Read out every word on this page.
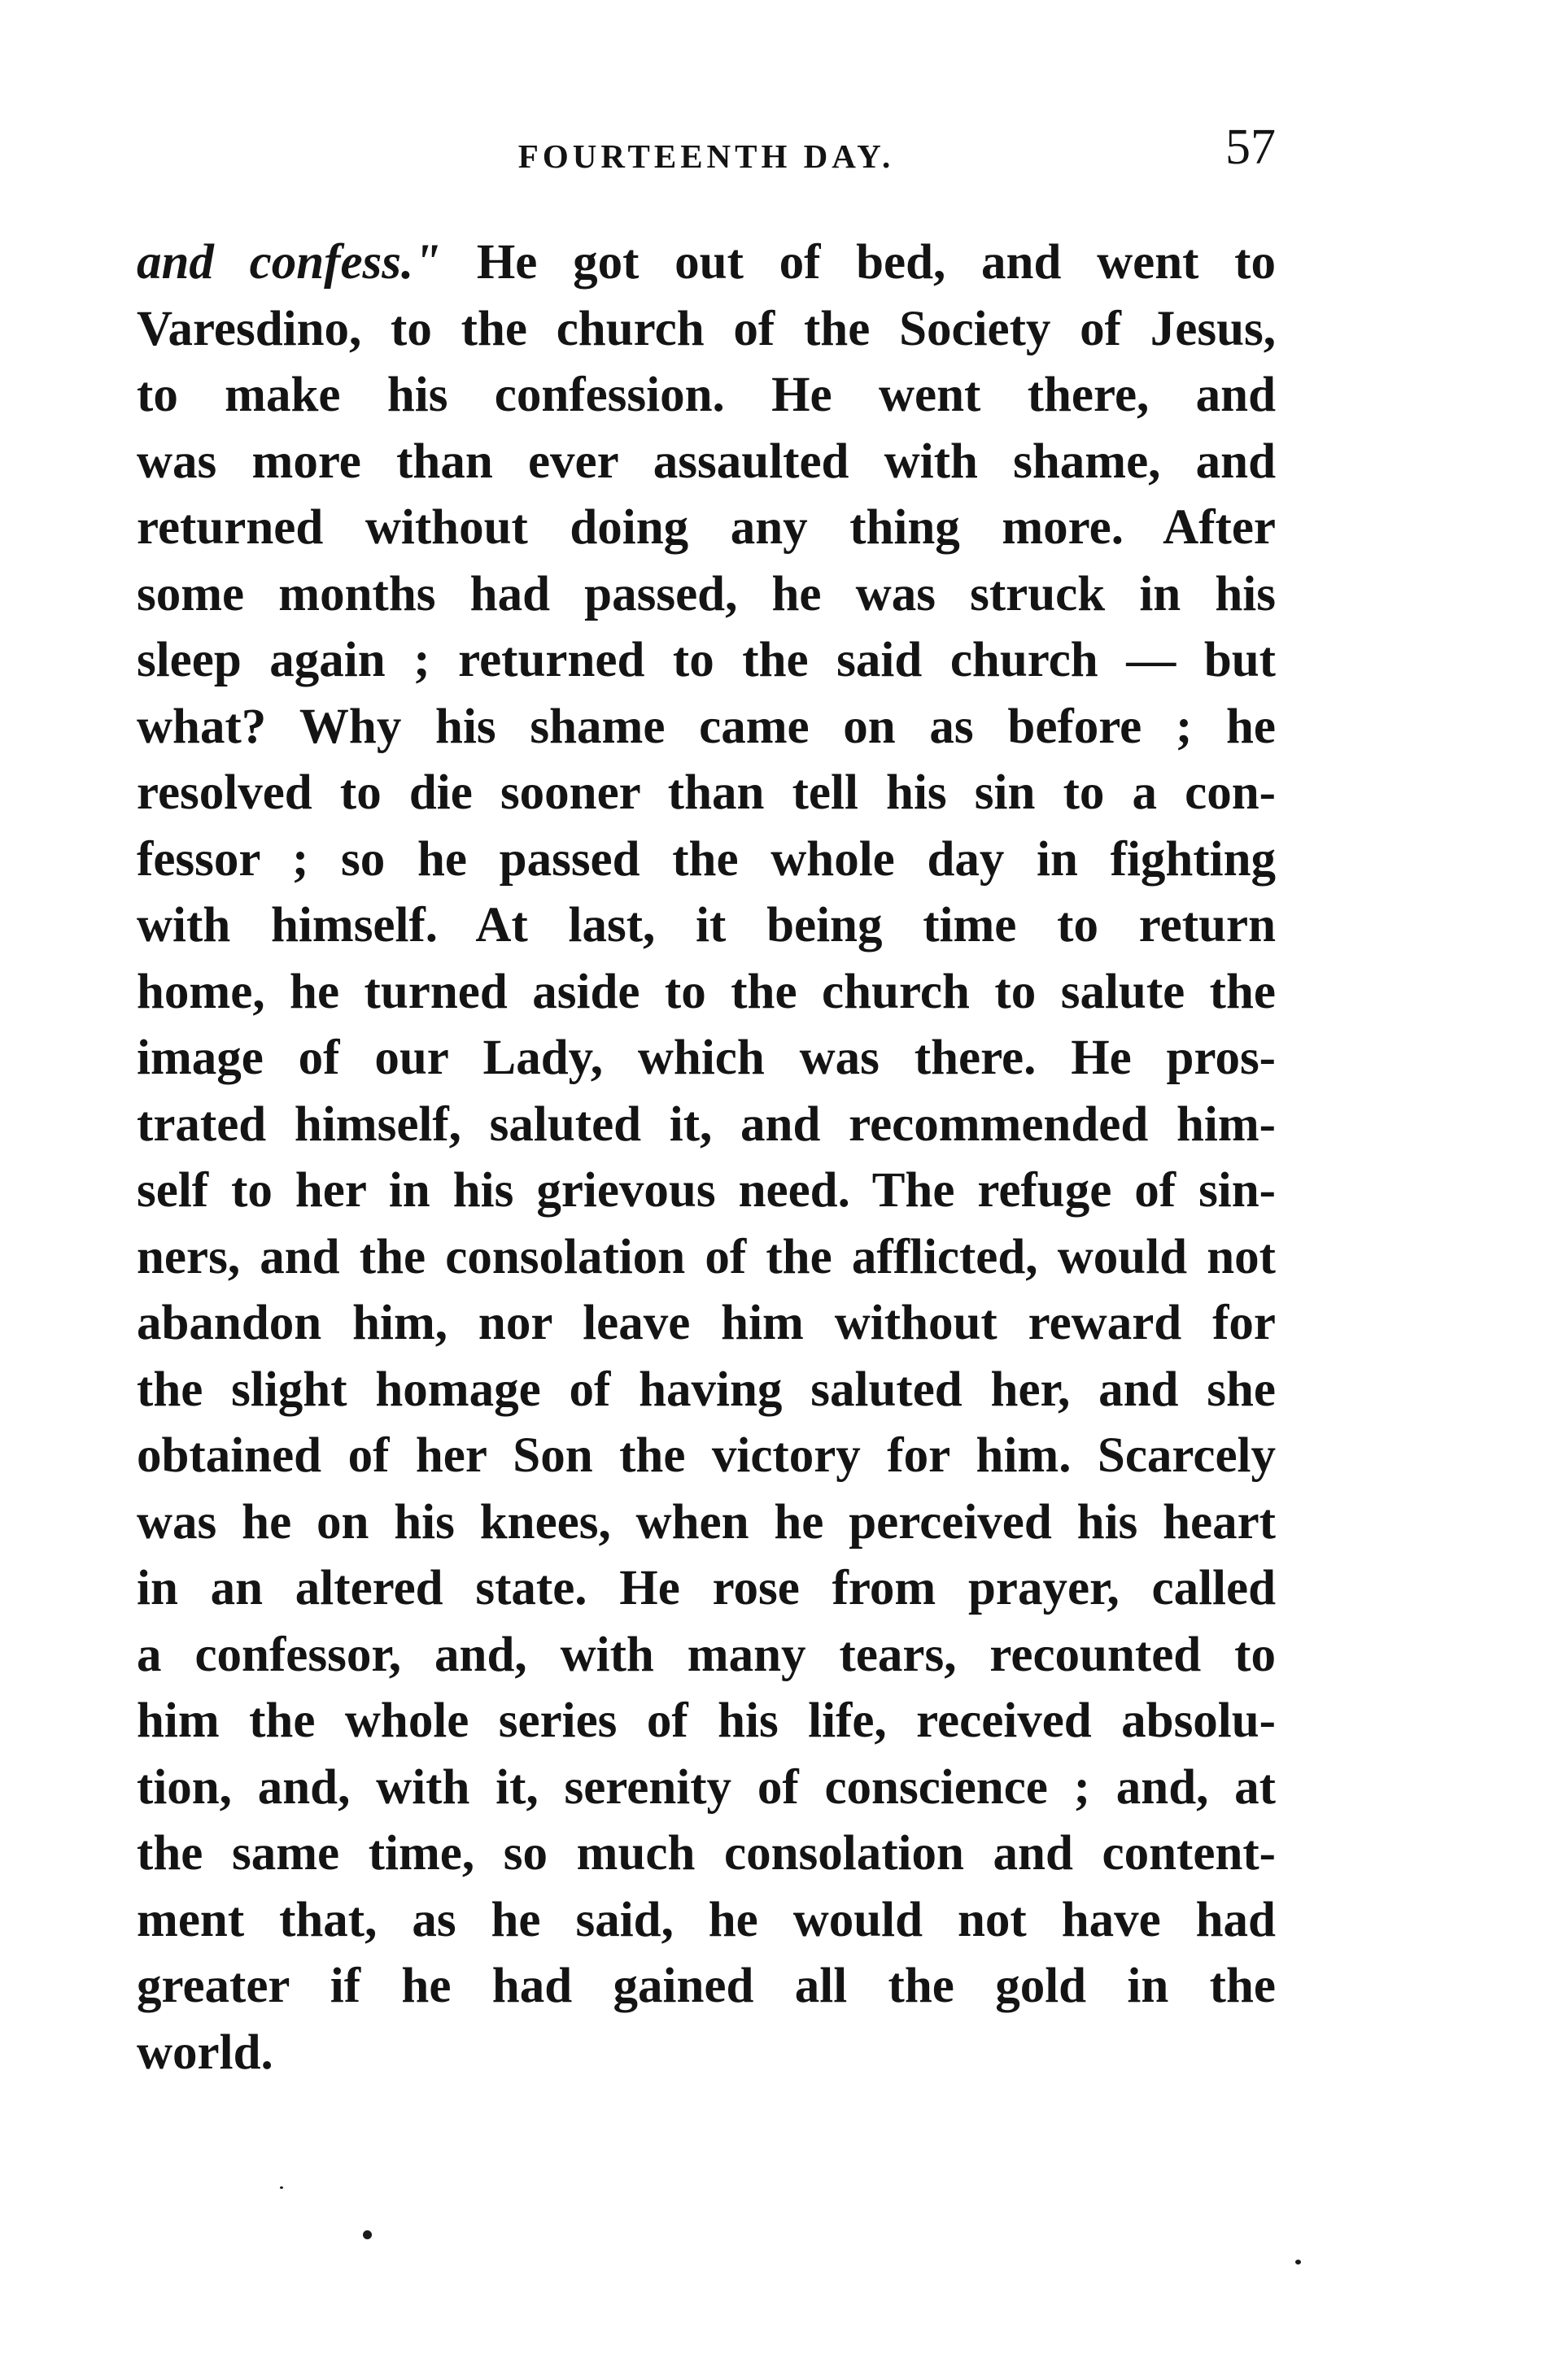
FOURTEENTH DAY.	57
and confess." He got out of bed, and went to
Varesdino, to the church of the Society of Jesus,
to make his confession. He went there, and
was more than ever assaulted with shame, and
returned without doing any thing more. After
some months had passed, he was struck in his
sleep again ; returned to the said church — but
what? Why his shame came on as before ; he
resolved to die sooner than tell his sin to a con-
fessor ; so he passed the whole day in fighting
with himself. At last, it being time to return
home, he turned aside to the church to salute the
image of our Lady, which was there. He pros-
trated himself, saluted it, and recommended him-
self to her in his grievous need. The refuge of sin-
ners, and the consolation of the afflicted, would not
abandon him, nor leave him without reward for
the slight homage of having saluted her, and she
obtained of her Son the victory for him. Scarcely
was he on his knees, when he perceived his heart
in an altered state. He rose from prayer, called
a confessor, and, with many tears, recounted to
him the whole series of his life, received absolu-
tion, and, with it, serenity of conscience ; and, at
the same time, so much consolation and content-
ment that, as he said, he would not have had
greater if he had gained all the gold in the
world.
